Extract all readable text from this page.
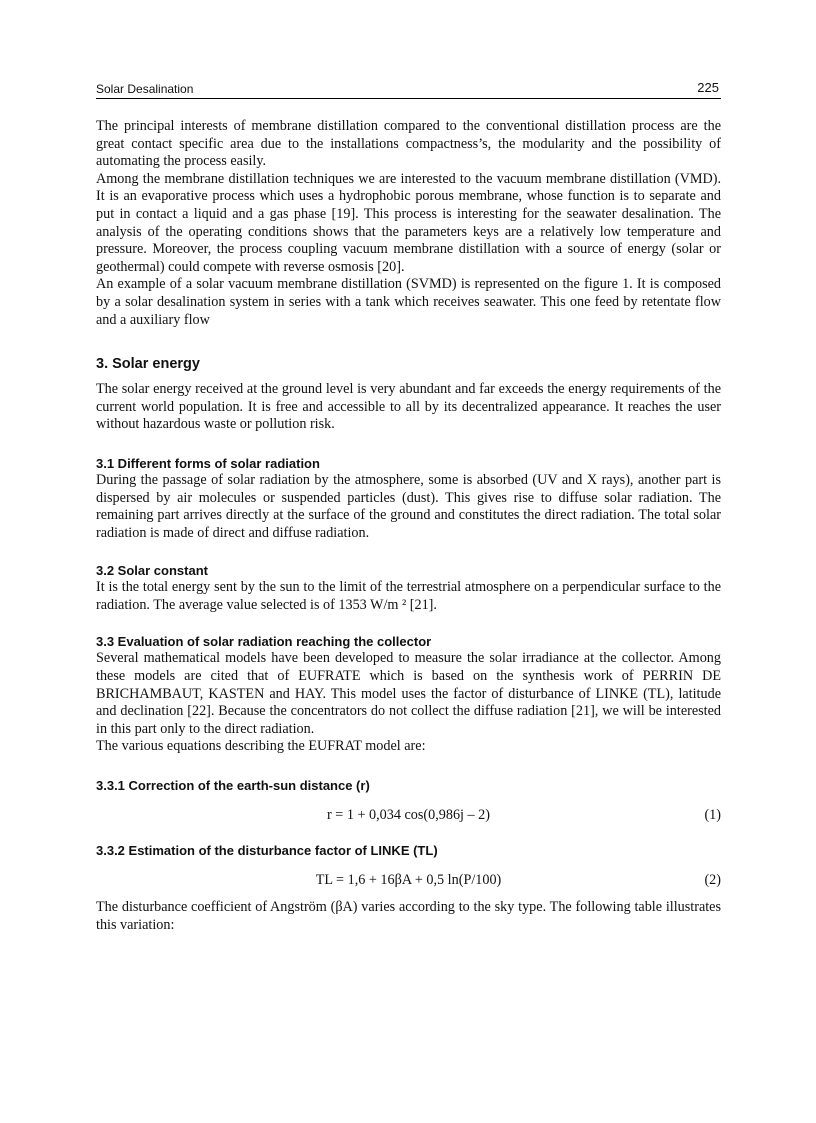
Solar Desalination	225

The principal interests of membrane distillation compared to the conventional distillation process are the great contact specific area due to the installations compactness’s, the modularity and the possibility of automating the process easily.

Among the membrane distillation techniques we are interested to the vacuum membrane distillation (VMD). It is an evaporative process which uses a hydrophobic porous membrane, whose function is to separate and put in contact a liquid and a gas phase [19]. This process is interesting for the seawater desalination. The analysis of the operating conditions shows that the parameters keys are a relatively low temperature and pressure. Moreover, the process coupling vacuum membrane distillation with a source of energy (solar or geothermal) could compete with reverse osmosis [20].

An example of a solar vacuum membrane distillation (SVMD) is represented on the figure 1. It is composed by a solar desalination system in series with a tank which receives seawater. This one feed by retentate flow and a auxiliary flow

3. Solar energy

The solar energy received at the ground level is very abundant and far exceeds the energy requirements of the current world population. It is free and accessible to all by its decentralized appearance. It reaches the user without hazardous waste or pollution risk.

3.1 Different forms of solar radiation

During the passage of solar radiation by the atmosphere, some is absorbed (UV and X rays), another part is dispersed by air molecules or suspended particles (dust). This gives rise to diffuse solar radiation. The remaining part arrives directly at the surface of the ground and constitutes the direct radiation. The total solar radiation is made of direct and diffuse radiation.

3.2 Solar constant

It is the total energy sent by the sun to the limit of the terrestrial atmosphere on a perpendicular surface to the radiation. The average value selected is of 1353 W/m ² [21].

3.3 Evaluation of solar radiation reaching the collector

Several mathematical models have been developed to measure the solar irradiance at the collector. Among these models are cited that of EUFRATE which is based on the synthesis work of PERRIN DE BRICHAMBAUT, KASTEN and HAY. This model uses the factor of disturbance of LINKE (TL), latitude and declination [22]. Because the concentrators do not collect the diffuse radiation [21], we will be interested in this part only to the direct radiation.

The various equations describing the EUFRAT model are:

3.3.1 Correction of the earth-sun distance (r)
r = 1 + 0,034 cos(0,986j – 2)	(1)
3.3.2 Estimation of the disturbance factor of LINKE (TL)
TL = 1,6 + 16βA + 0,5 ln(P/100)	(2)

The disturbance coefficient of Angström (βA) varies according to the sky type. The following table illustrates this variation:
